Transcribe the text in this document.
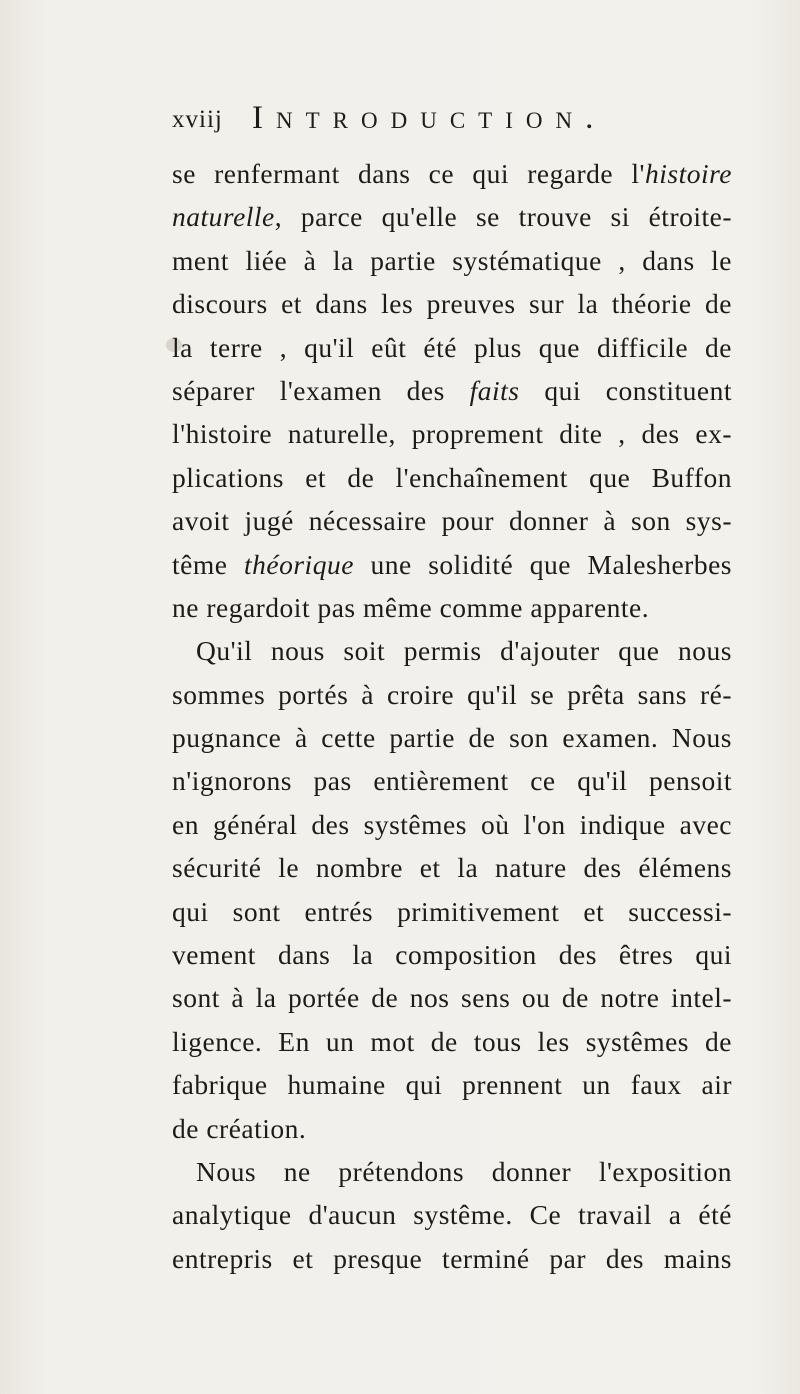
xviij Introduction.
se renfermant dans ce qui regarde l'histoire
naturelle, parce qu'elle se trouve si étroite-
ment liée à la partie systématique , dans le
discours et dans les preuves sur la théorie de
la terre , qu'il eût été plus que difficile de
séparer l'examen des faits qui constituent
l'histoire naturelle, proprement dite , des ex-
plications et de l'enchaînement que Buffon
avoit jugé nécessaire pour donner à son sys-
tême théorique une solidité que Malesherbes
ne regardoit pas même comme apparente.
Qu'il nous soit permis d'ajouter que nous
sommes portés à croire qu'il se prêta sans ré-
pugnance à cette partie de son examen. Nous
n'ignorons pas entièrement ce qu'il pensoit
en général des systêmes où l'on indique avec
sécurité le nombre et la nature des élémens
qui sont entrés primitivement et successi-
vement dans la composition des êtres qui
sont à la portée de nos sens ou de notre intel-
ligence. En un mot de tous les systêmes de
fabrique humaine qui prennent un faux air
de création.
Nous ne prétendons donner l'exposition
analytique d'aucun systême. Ce travail a été
entrepris et presque terminé par des mains
